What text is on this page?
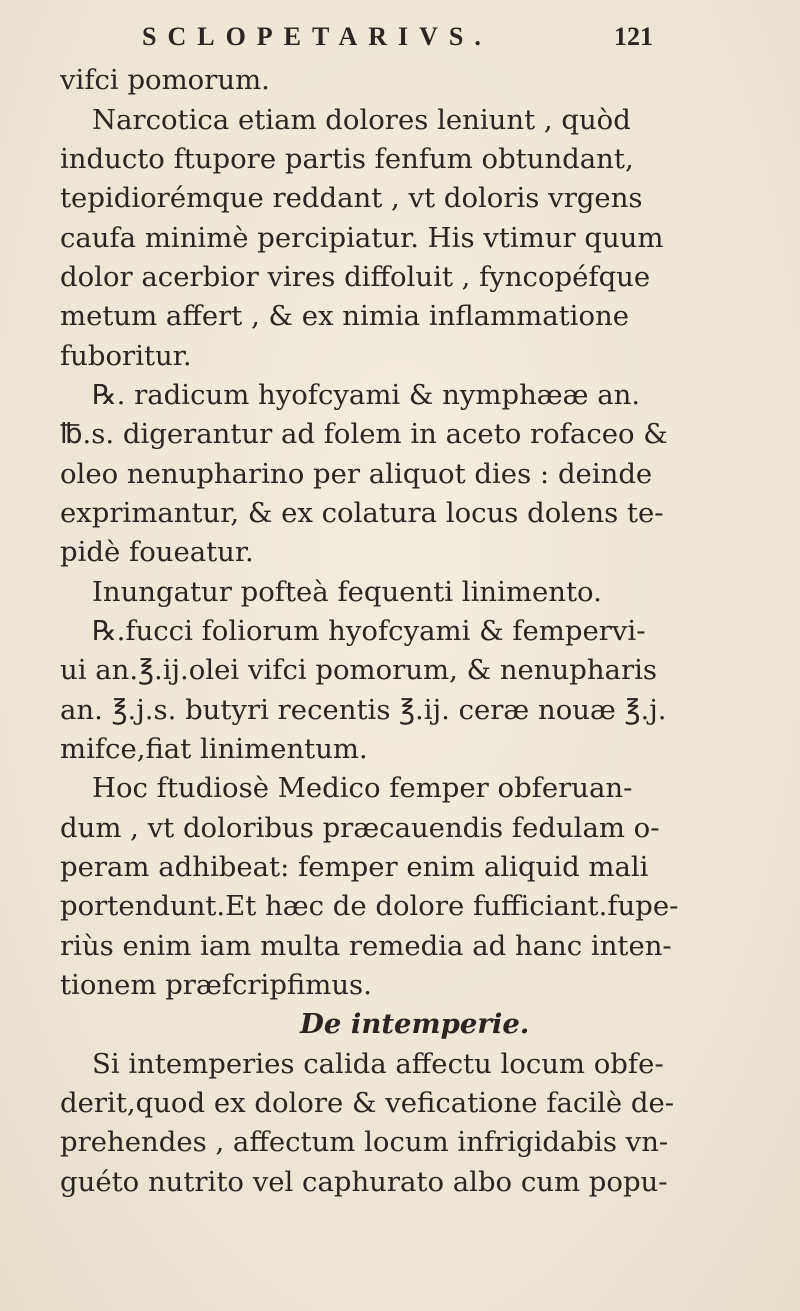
SCLOPETARIVS.	121
vifci pomorum.
Narcotica etiam dolores leniunt , quòd
inducto ftupore partis fenfum obtundant,
tepidiorémque reddant , vt doloris vrgens
caufa minimè percipiatur. His vtimur quum
dolor acerbior vires diffoluit , fyncopéfque
metum affert , & ex nimia inflammatione
fuboritur.
℞. radicum hyofcyami & nymphææ an.
℔.s. digerantur ad folem in aceto rofaceo &
oleo nenupharino per aliquot dies : deinde
exprimantur, & ex colatura locus dolens te-
pidè foueatur.
Inungatur pofteà fequenti linimento.
℞.fucci foliorum hyofcyami & fempervi-
ui an.℥.ij.olei vifci pomorum, & nenupharis
an. ℥.j.s. butyri recentis ℥.ij. ceræ nouæ ℥.j.
mifce,fiat linimentum.
Hoc ftudiosè Medico femper obferuan-
dum , vt doloribus præcauendis fedulam o-
peram adhibeat: femper enim aliquid mali
portendunt.Et hæc de dolore fufficiant.fupe-
riùs enim iam multa remedia ad hanc inten-
tionem præfcripfimus.
De intemperie.
Si intemperies calida affectu locum obfe-
derit,quod ex dolore & veficatione facilè de-
prehendes , affectum locum infrigidabis vn-
guéto nutrito vel caphurato albo cum popu-
